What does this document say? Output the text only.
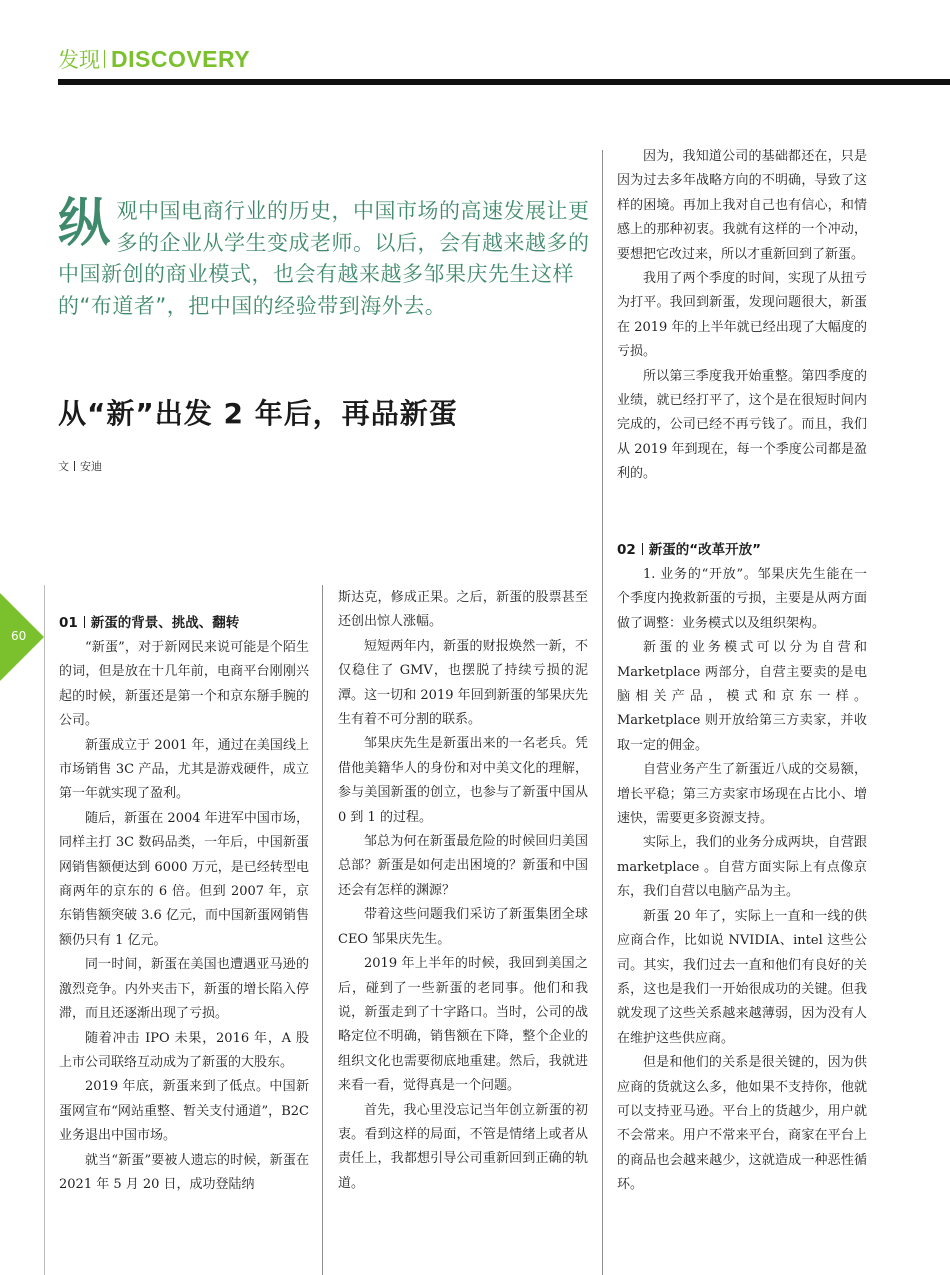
发现 DISCOVERY
60

纵观中国电商行业的历史，中国市场的高速发展让更多的企业从学生变成老师。以后，会有越来越多的中国新创的商业模式，也会有越来越多邹果庆先生这样的“布道者”，把中国的经验带到海外去。

从“新”出发 2 年后，再品新蛋
文 安迪
01 新蛋的背景、挑战、翻转

“新蛋”，对于新网民来说可能是个陌生的词，但是放在十几年前，电商平台刚刚兴起的时候，新蛋还是第一个和京东掰手腕的公司。

新蛋成立于 2001 年，通过在美国线上市场销售 3C 产品，尤其是游戏硬件，成立第一年就实现了盈利。

随后，新蛋在 2004 年进军中国市场，同样主打 3C 数码品类，一年后，中国新蛋网销售额便达到 6000 万元，是已经转型电商两年的京东的 6 倍。但到 2007 年，京东销售额突破 3.6 亿元，而中国新蛋网销售额仍只有 1 亿元。

同一时间，新蛋在美国也遭遇亚马逊的激烈竞争。内外夹击下，新蛋的增长陷入停滞，而且还逐渐出现了亏损。

随着冲击 IPO 未果，2016 年，A 股上市公司联络互动成为了新蛋的大股东。

2019 年底，新蛋来到了低点。中国新蛋网宣布“网站重整、暂关支付通道”，B2C 业务退出中国市场。

就当“新蛋”要被人遗忘的时候，新蛋在 2021 年 5 月 20 日，成功登陆纳

斯达克，修成正果。之后，新蛋的股票甚至还创出惊人涨幅。

短短两年内，新蛋的财报焕然一新，不仅稳住了 GMV，也摆脱了持续亏损的泥潭。这一切和 2019 年回到新蛋的邹果庆先生有着不可分割的联系。

邹果庆先生是新蛋出来的一名老兵。凭借他美籍华人的身份和对中美文化的理解，参与美国新蛋的创立，也参与了新蛋中国从 0 到 1 的过程。

邹总为何在新蛋最危险的时候回归美国总部？新蛋是如何走出困境的？新蛋和中国还会有怎样的渊源？

带着这些问题我们采访了新蛋集团全球 CEO 邹果庆先生。

2019 年上半年的时候，我回到美国之后，碰到了一些新蛋的老同事。他们和我说，新蛋走到了十字路口。当时，公司的战略定位不明确，销售额在下降，整个企业的组织文化也需要彻底地重建。然后，我就进来看一看，觉得真是一个问题。

首先，我心里没忘记当年创立新蛋的初衷。看到这样的局面，不管是情绪上或者从责任上，我都想引导公司重新回到正确的轨道。

因为，我知道公司的基础都还在，只是因为过去多年战略方向的不明确，导致了这样的困境。再加上我对自己也有信心，和情感上的那种初衷。我就有这样的一个冲动，要想把它改过来，所以才重新回到了新蛋。

我用了两个季度的时间，实现了从扭亏为打平。我回到新蛋，发现问题很大，新蛋在 2019 年的上半年就已经出现了大幅度的亏损。

所以第三季度我开始重整。第四季度的业绩，就已经打平了，这个是在很短时间内完成的，公司已经不再亏钱了。而且，我们从 2019 年到现在，每一个季度公司都是盈利的。

02 新蛋的“改革开放”

1. 业务的“开放”。邹果庆先生能在一个季度内挽救新蛋的亏损，主要是从两方面做了调整：业务模式以及组织架构。

新蛋的业务模式可以分为自营和 Marketplace 两部分，自营主要卖的是电脑相关产品，模式和京东一样。Marketplace 则开放给第三方卖家，并收取一定的佣金。

自营业务产生了新蛋近八成的交易额，增长平稳；第三方卖家市场现在占比小、增速快，需要更多资源支持。

实际上，我们的业务分成两块，自营跟 marketplace 。自营方面实际上有点像京东，我们自营以电脑产品为主。

新蛋 20 年了，实际上一直和一线的供应商合作，比如说 NVIDIA、intel 这些公司。其实，我们过去一直和他们有良好的关系，这也是我们一开始很成功的关键。但我就发现了这些关系越来越薄弱，因为没有人在维护这些供应商。

但是和他们的关系是很关键的，因为供应商的货就这么多，他如果不支持你，他就可以支持亚马逊。平台上的货越少，用户就不会常来。用户不常来平台，商家在平台上的商品也会越来越少，这就造成一种恶性循环。
